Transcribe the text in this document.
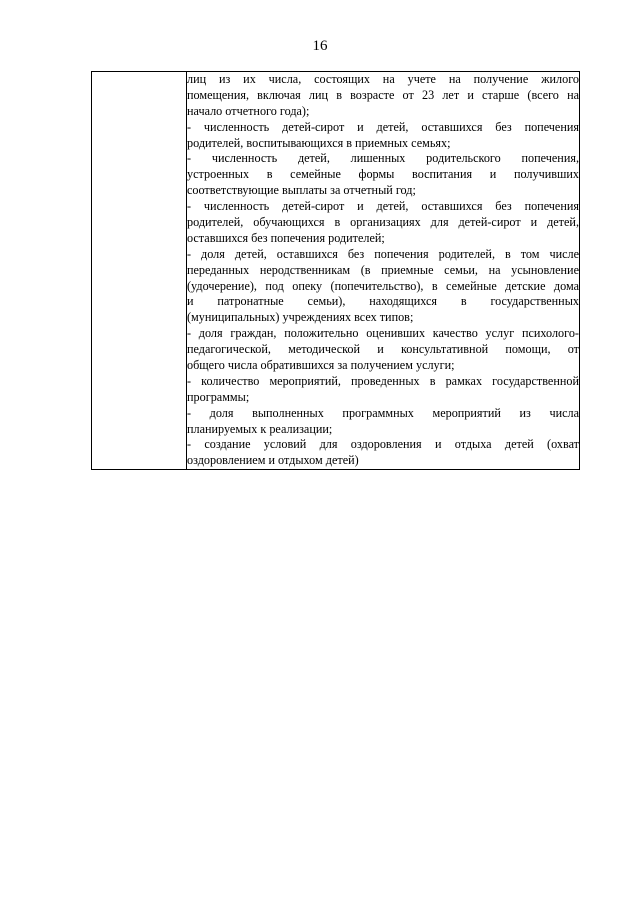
16

лиц из их числа, состоящих на учете на получение жилого
помещения, включая лиц в возрасте от 23 лет и старше (всего на
начало отчетного года);
- численность детей-сирот и детей, оставшихся без попечения
родителей, воспитывающихся в приемных семьях;
- численность детей, лишенных родительского попечения,
устроенных в семейные формы воспитания и получивших
соответствующие выплаты за отчетный год;
- численность детей-сирот и детей, оставшихся без попечения
родителей, обучающихся в организациях для детей-сирот и детей,
оставшихся без попечения родителей;
- доля детей, оставшихся без попечения родителей, в том числе
переданных неродственникам (в приемные семьи, на усыновление
(удочерение), под опеку (попечительство), в семейные детские дома
и патронатные семьи), находящихся в государственных
(муниципальных) учреждениях всех типов;
- доля граждан, положительно оценивших качество услуг психолого-
педагогической, методической и консультативной помощи, от
общего числа обратившихся за получением услуги;
- количество мероприятий, проведенных в рамках государственной
программы;
- доля выполненных программных мероприятий из числа
планируемых к реализации;
- создание условий для оздоровления и отдыха детей (охват
оздоровлением и отдыхом детей)
